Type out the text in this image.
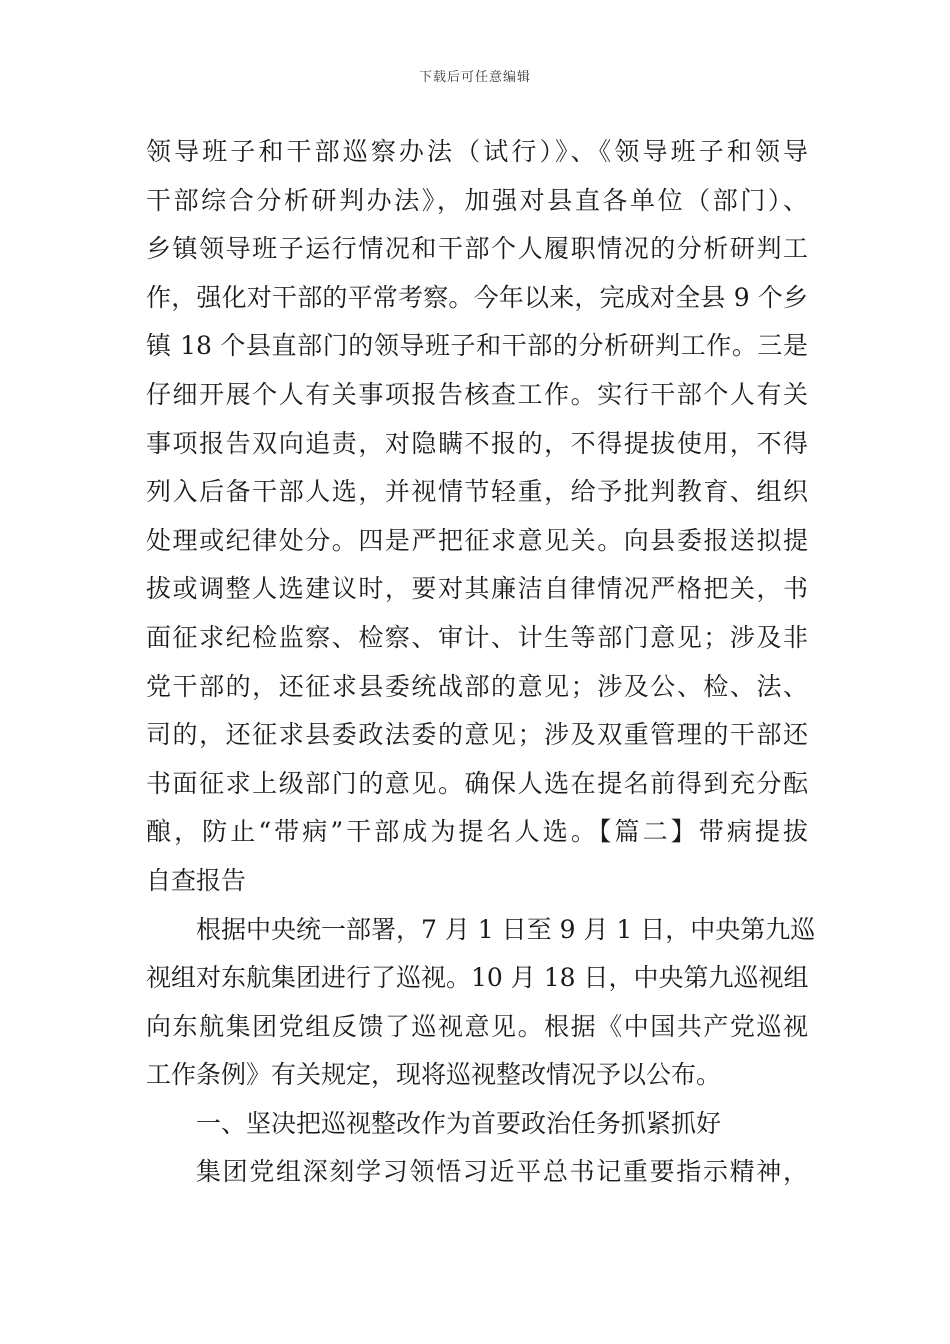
下载后可任意编辑
领导班子和干部巡察办法（试行）》、《领导班子和领导
干部综合分析研判办法》，加强对县直各单位（部门）、
乡镇领导班子运行情况和干部个人履职情况的分析研判工
作，强化对干部的平常考察。今年以来，完成对全县 9 个乡
镇 18 个县直部门的领导班子和干部的分析研判工作。三是
仔细开展个人有关事项报告核查工作。实行干部个人有关
事项报告双向追责，对隐瞒不报的，不得提拔使用，不得
列入后备干部人选，并视情节轻重，给予批判教育、组织
处理或纪律处分。四是严把征求意见关。向县委报送拟提
拔或调整人选建议时，要对其廉洁自律情况严格把关，书
面征求纪检监察、检察、审计、计生等部门意见；涉及非
党干部的，还征求县委统战部的意见；涉及公、检、法、
司的，还征求县委政法委的意见；涉及双重管理的干部还
书面征求上级部门的意见。确保人选在提名前得到充分酝
酿，防止“带病”干部成为提名人选。【篇二】带病提拔
自查报告
根据中央统一部署，7 月 1 日至 9 月 1 日，中央第九巡
视组对东航集团进行了巡视。10 月 18 日，中央第九巡视组
向东航集团党组反馈了巡视意见。根据《中国共产党巡视
工作条例》有关规定，现将巡视整改情况予以公布。
一、坚决把巡视整改作为首要政治任务抓紧抓好
集团党组深刻学习领悟习近平总书记重要指示精神，
